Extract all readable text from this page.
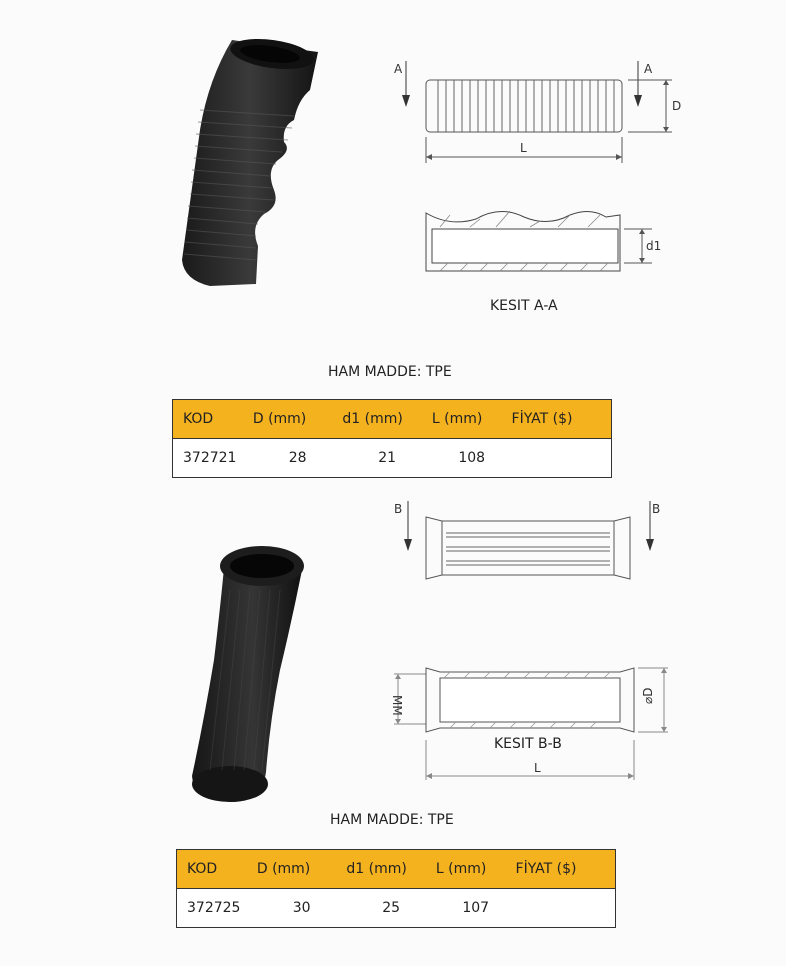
A	A
D
L
d1
KESIT A-A
HAM MADDE: TPE
KOD	D (mm)	d1 (mm)	L (mm)	FİYAT ($)
372721	28	21	108	
B	B
MM	⌀D
L
KESIT B-B
HAM MADDE: TPE
KOD	D (mm)	d1 (mm)	L (mm)	FİYAT ($)
372725	30	25	107	
